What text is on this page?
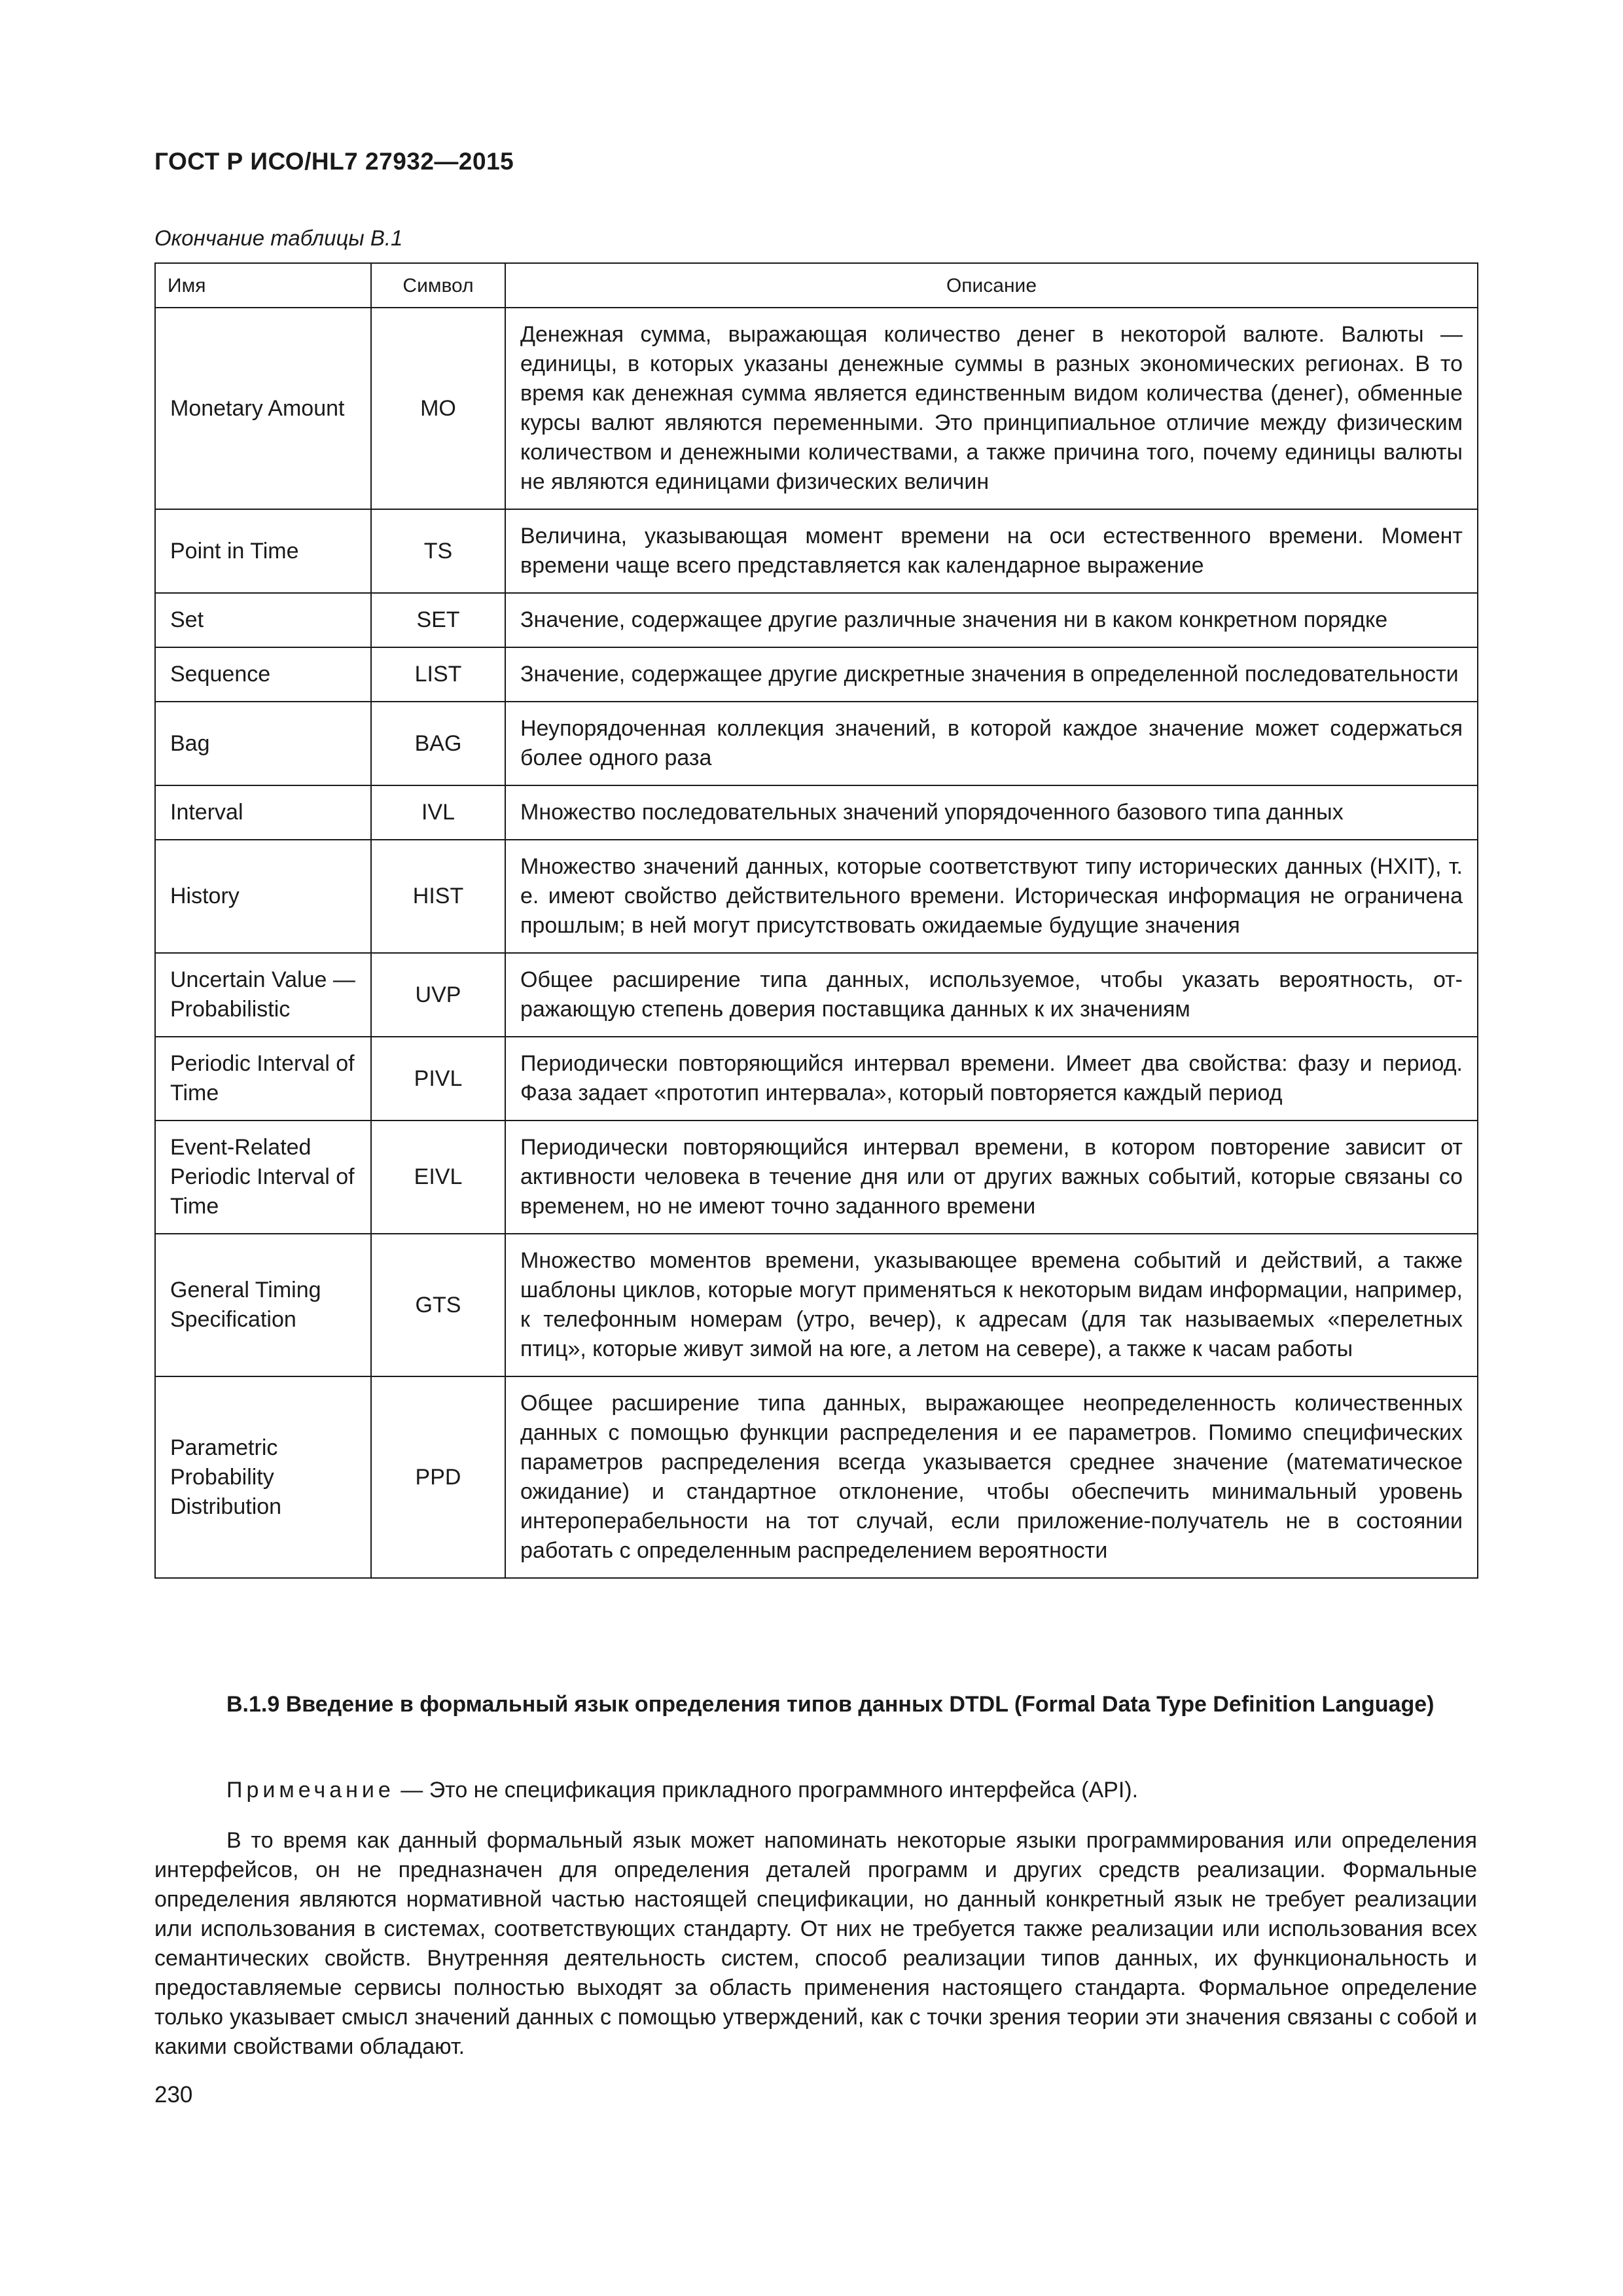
ГОСТ Р ИСО/HL7 27932—2015
Окончание таблицы В.1
Имя	Символ	Описание
Monetary Amount	MO	Денежная сумма, выражающая количество денег в некоторой валюте. Валюты — единицы, в которых указаны денежные суммы в разных экономических регионах. В то время как денежная сумма является единственным видом количества (денег), обменные курсы валют являются переменными. Это принципиальное отличие между физическим количеством и денежными количествами, а также причина того, почему единицы валюты не являются единицами физических величин
Point in Time	TS	Величина, указывающая момент времени на оси естественного времени. Момент времени чаще всего представляется как календарное выражение
Set	SET	Значение, содержащее другие различные значения ни в каком конкретном порядке
Sequence	LIST	Значение, содержащее другие дискретные значения в определенной последовательности
Bag	BAG	Неупорядоченная коллекция значений, в которой каждое значение может содержаться более одного раза
Interval	IVL	Множество последовательных значений упорядоченного базового типа данных
History	HIST	Множество значений данных, которые соответствуют типу исторических данных (HXIT), т. е. имеют свойство действительного времени. Историческая информация не ограничена прошлым; в ней могут присутствовать ожидаемые будущие значения
Uncertain Value — Probabilistic	UVP	Общее расширение типа данных, используемое, чтобы указать вероятность, отражающую степень доверия поставщика данных к их значениям
Periodic Interval of Time	PIVL	Периодически повторяющийся интервал времени. Имеет два свойства: фазу и период. Фаза задает «прототип интервала», который повторяется каждый период
Event-Related Periodic Interval of Time	EIVL	Периодически повторяющийся интервал времени, в котором повторение зависит от активности человека в течение дня или от других важных событий, которые связаны со временем, но не имеют точно заданного времени
General Timing Specification	GTS	Множество моментов времени, указывающее времена событий и действий, а также шаблоны циклов, которые могут применяться к некоторым видам информации, например, к телефонным номерам (утро, вечер), к адресам (для так называемых «перелетных птиц», которые живут зимой на юге, а летом на севере), а также к часам работы
Parametric Probability Distribution	PPD	Общее расширение типа данных, выражающее неопределенность количественных данных с помощью функции распределения и ее параметров. Помимо специфических параметров распределения всегда указывается среднее значение (математическое ожидание) и стандартное отклонение, чтобы обеспечить минимальный уровень интероперабельности на тот случай, если приложение-получатель не в состоянии работать с определенным распределением вероятности
В.1.9 Введение в формальный язык определения типов данных DTDL (Formal Data Type Definition Language)
Примечание — Это не спецификация прикладного программного интерфейса (API).
В то время как данный формальный язык может напоминать некоторые языки программирования или определения интерфейсов, он не предназначен для определения деталей программ и других средств реализации. Формальные определения являются нормативной частью настоящей спецификации, но данный конкретный язык не требует реализации или использования в системах, соответствующих стандарту. От них не требуется также реализации или использования всех семантических свойств. Внутренняя деятельность систем, способ реализации типов данных, их функциональность и предоставляемые сервисы полностью выходят за область применения настоящего стандарта. Формальное определение только указывает смысл значений данных с помощью утверждений, как с точки зрения теории эти значения связаны с собой и какими свойствами обладают.
230
